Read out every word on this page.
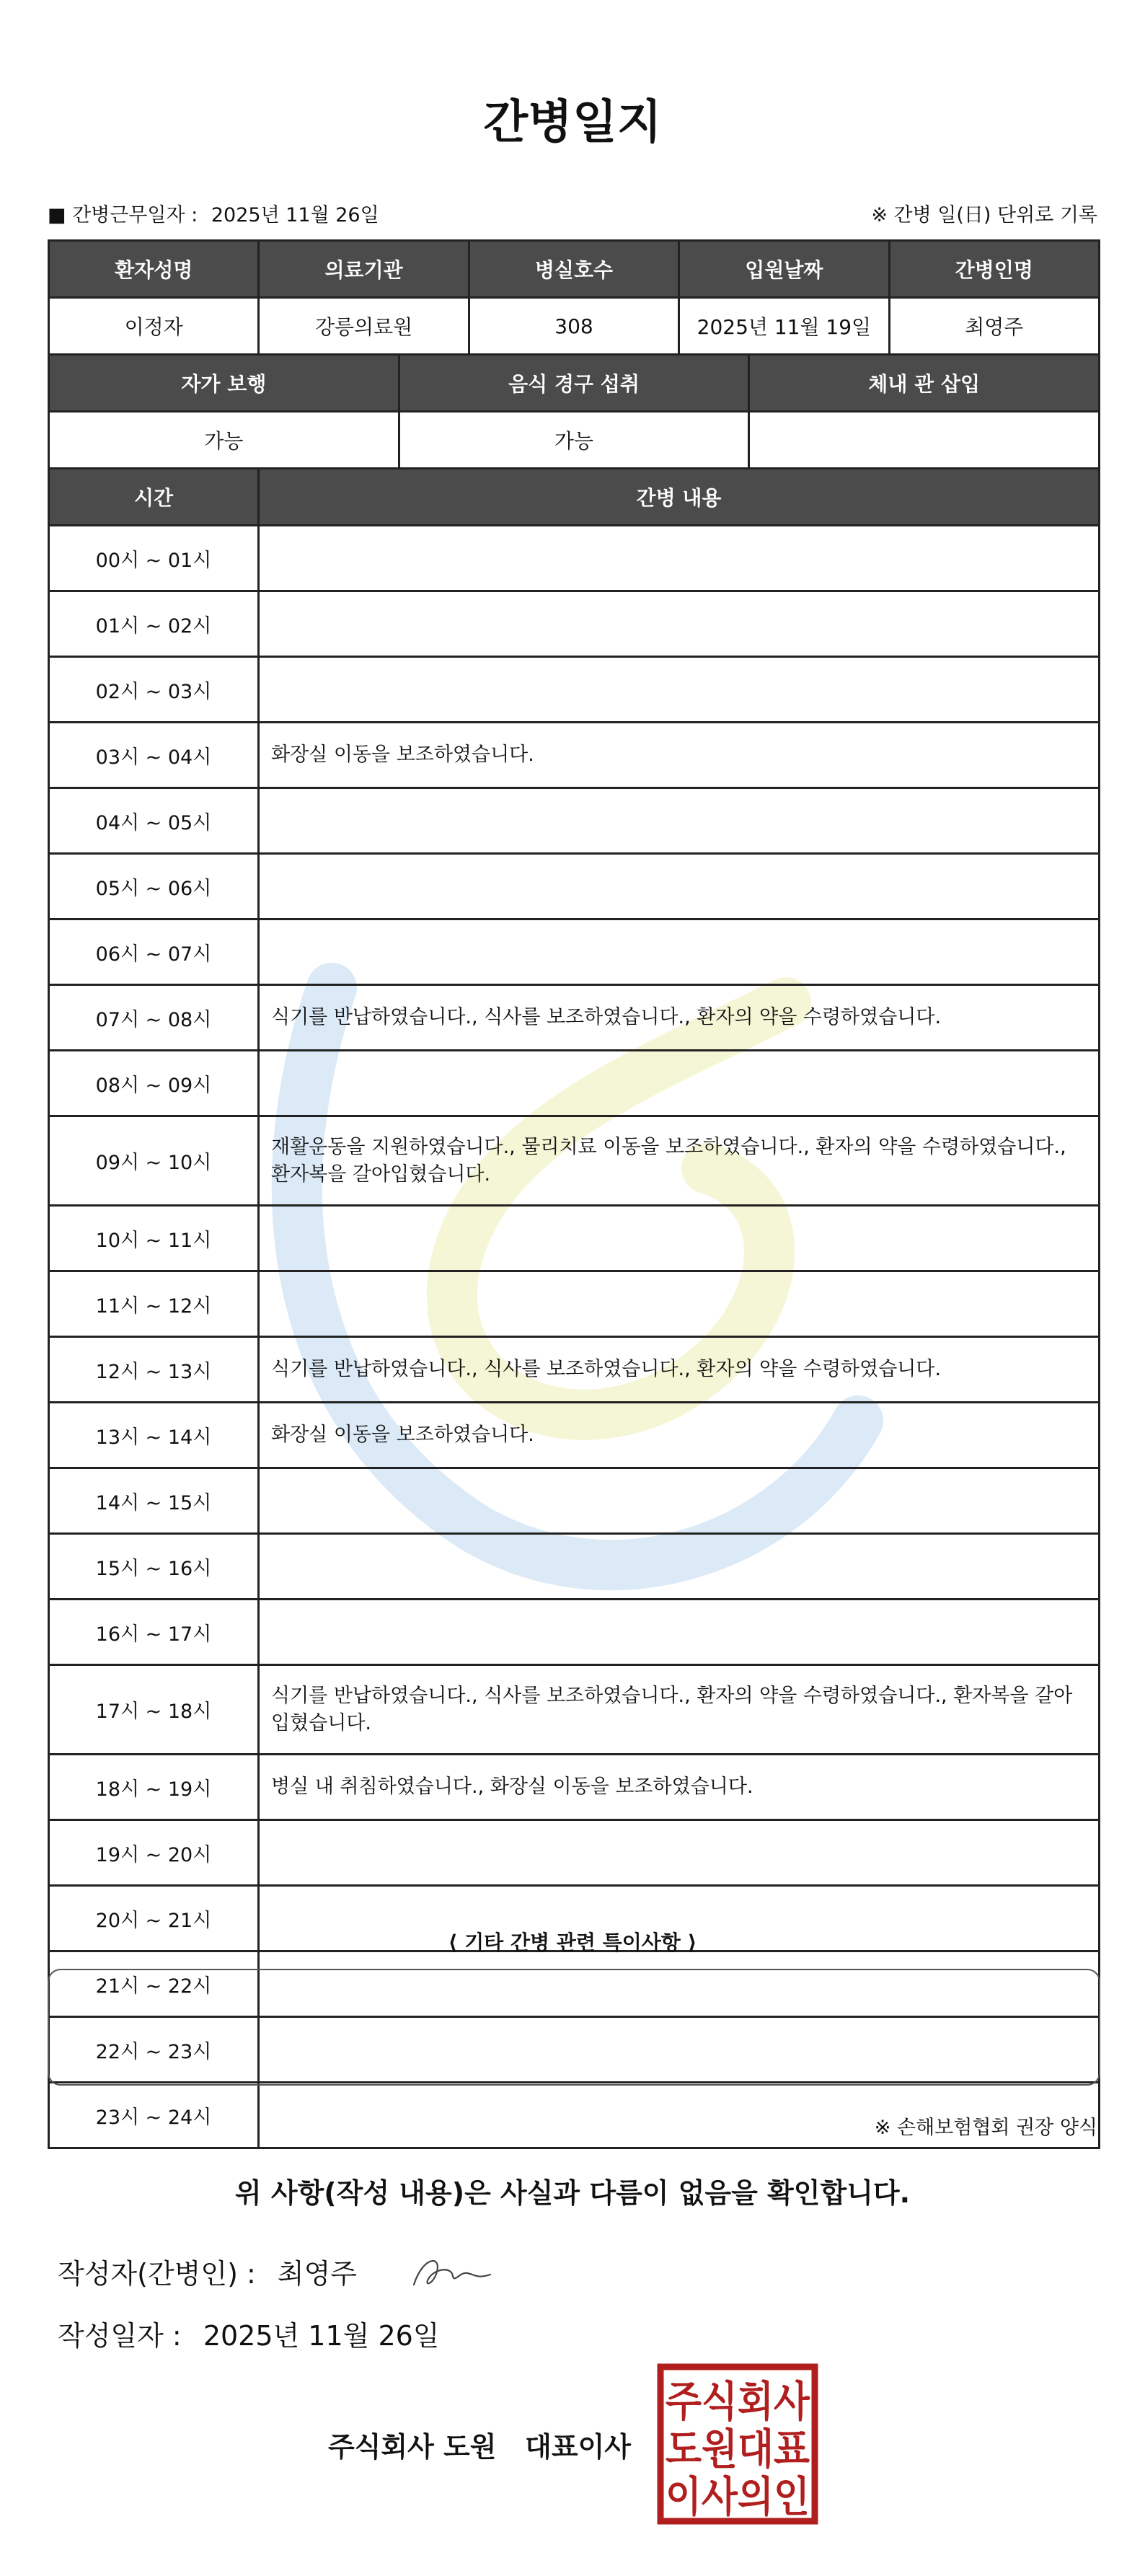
간병일지
■ 간병근무일자 : 2025년 11월 26일	※ 간병 일(日) 단위로 기록
환자성명	의료기관	병실호수	입원날짜	간병인명
이정자	강릉의료원	308	2025년 11월 19일	최영주
자가 보행	음식 경구 섭취	체내 관 삽입
가능	가능	
시간	간병 내용
00시 ~ 01시	
01시 ~ 02시	
02시 ~ 03시	
03시 ~ 04시	화장실 이동을 보조하였습니다.
04시 ~ 05시	
05시 ~ 06시	
06시 ~ 07시	
07시 ~ 08시	식기를 반납하였습니다., 식사를 보조하였습니다., 환자의 약을 수령하였습니다.
08시 ~ 09시	
09시 ~ 10시	재활운동을 지원하였습니다., 물리치료 이동을 보조하였습니다., 환자의 약을 수령하였습니다., 환자복을 갈아입혔습니다.
10시 ~ 11시	
11시 ~ 12시	
12시 ~ 13시	식기를 반납하였습니다., 식사를 보조하였습니다., 환자의 약을 수령하였습니다.
13시 ~ 14시	화장실 이동을 보조하였습니다.
14시 ~ 15시	
15시 ~ 16시	
16시 ~ 17시	
17시 ~ 18시	식기를 반납하였습니다., 식사를 보조하였습니다., 환자의 약을 수령하였습니다., 환자복을 갈아입혔습니다.
18시 ~ 19시	병실 내 취침하였습니다., 화장실 이동을 보조하였습니다.
19시 ~ 20시	
20시 ~ 21시	
21시 ~ 22시	
22시 ~ 23시	
23시 ~ 24시	
⟨ 기타 간병 관련 특이사항 ⟩
※ 손해보험협회 권장 양식
위 사항(작성 내용)은 사실과 다름이 없음을 확인합니다.
작성자(간병인) : 최영주
작성일자 : 2025년 11월 26일
주식회사 도원   대표이사
주식회사
도원대표
이사의인
